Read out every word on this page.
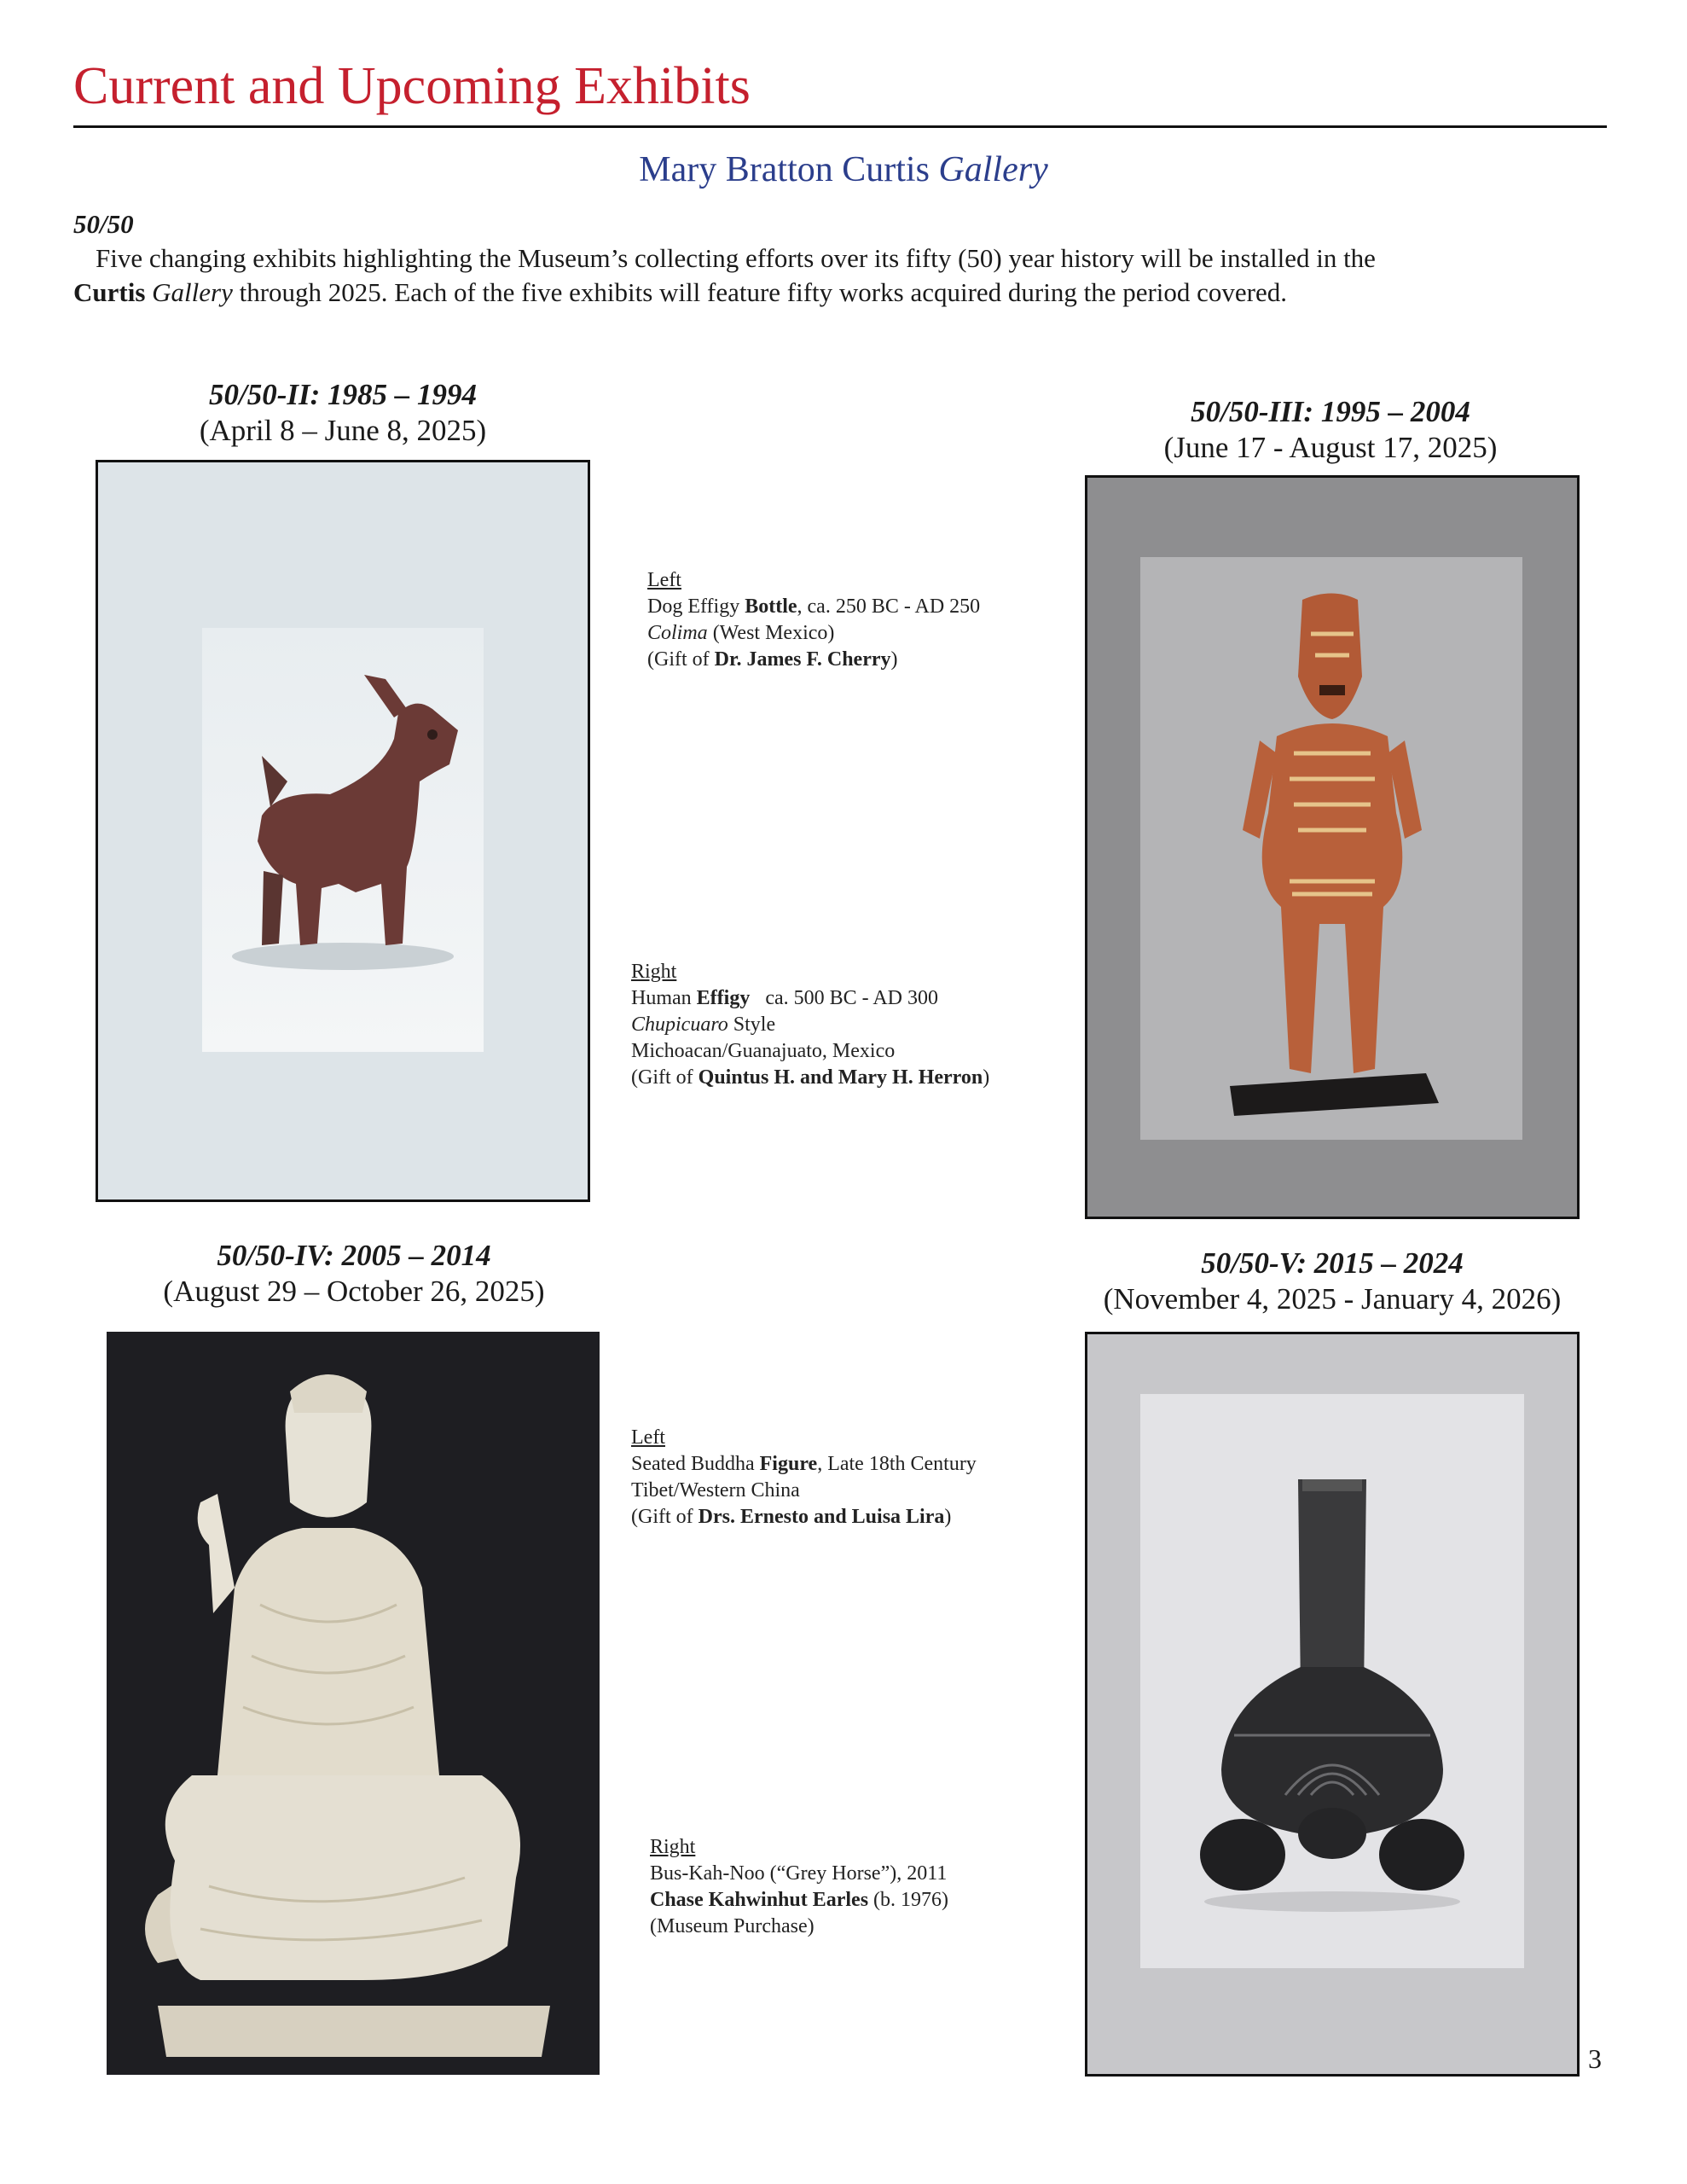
Current and Upcoming Exhibits
Mary Bratton Curtis Gallery
50/50
Five changing exhibits highlighting the Museum’s collecting efforts over its fifty (50) year history will be installed in the
Curtis Gallery through 2025. Each of the five exhibits will feature fifty works acquired during the period covered.
50/50-II: 1985 – 1994
(April 8 – June 8, 2025)
50/50-III: 1995 – 2004
(June 17 - August 17, 2025)
Left
Dog Effigy Bottle, ca. 250 BC - AD 250
Colima (West Mexico)
(Gift of Dr. James F. Cherry)
Right
Human Effigy   ca. 500 BC - AD 300
Chupicuaro Style
Michoacan/Guanajuato, Mexico
(Gift of Quintus H. and Mary H. Herron)
50/50-IV: 2005 – 2014
(August 29 – October 26, 2025)
Left
Seated Buddha Figure, Late 18th Century
Tibet/Western China
(Gift of Drs. Ernesto and Luisa Lira)
50/50-V: 2015 – 2024
(November 4, 2025 - January 4, 2026)
Right
Bus-Kah-Noo (“Grey Horse”), 2011
Chase Kahwinhut Earles (b. 1976)
(Museum Purchase)
3
